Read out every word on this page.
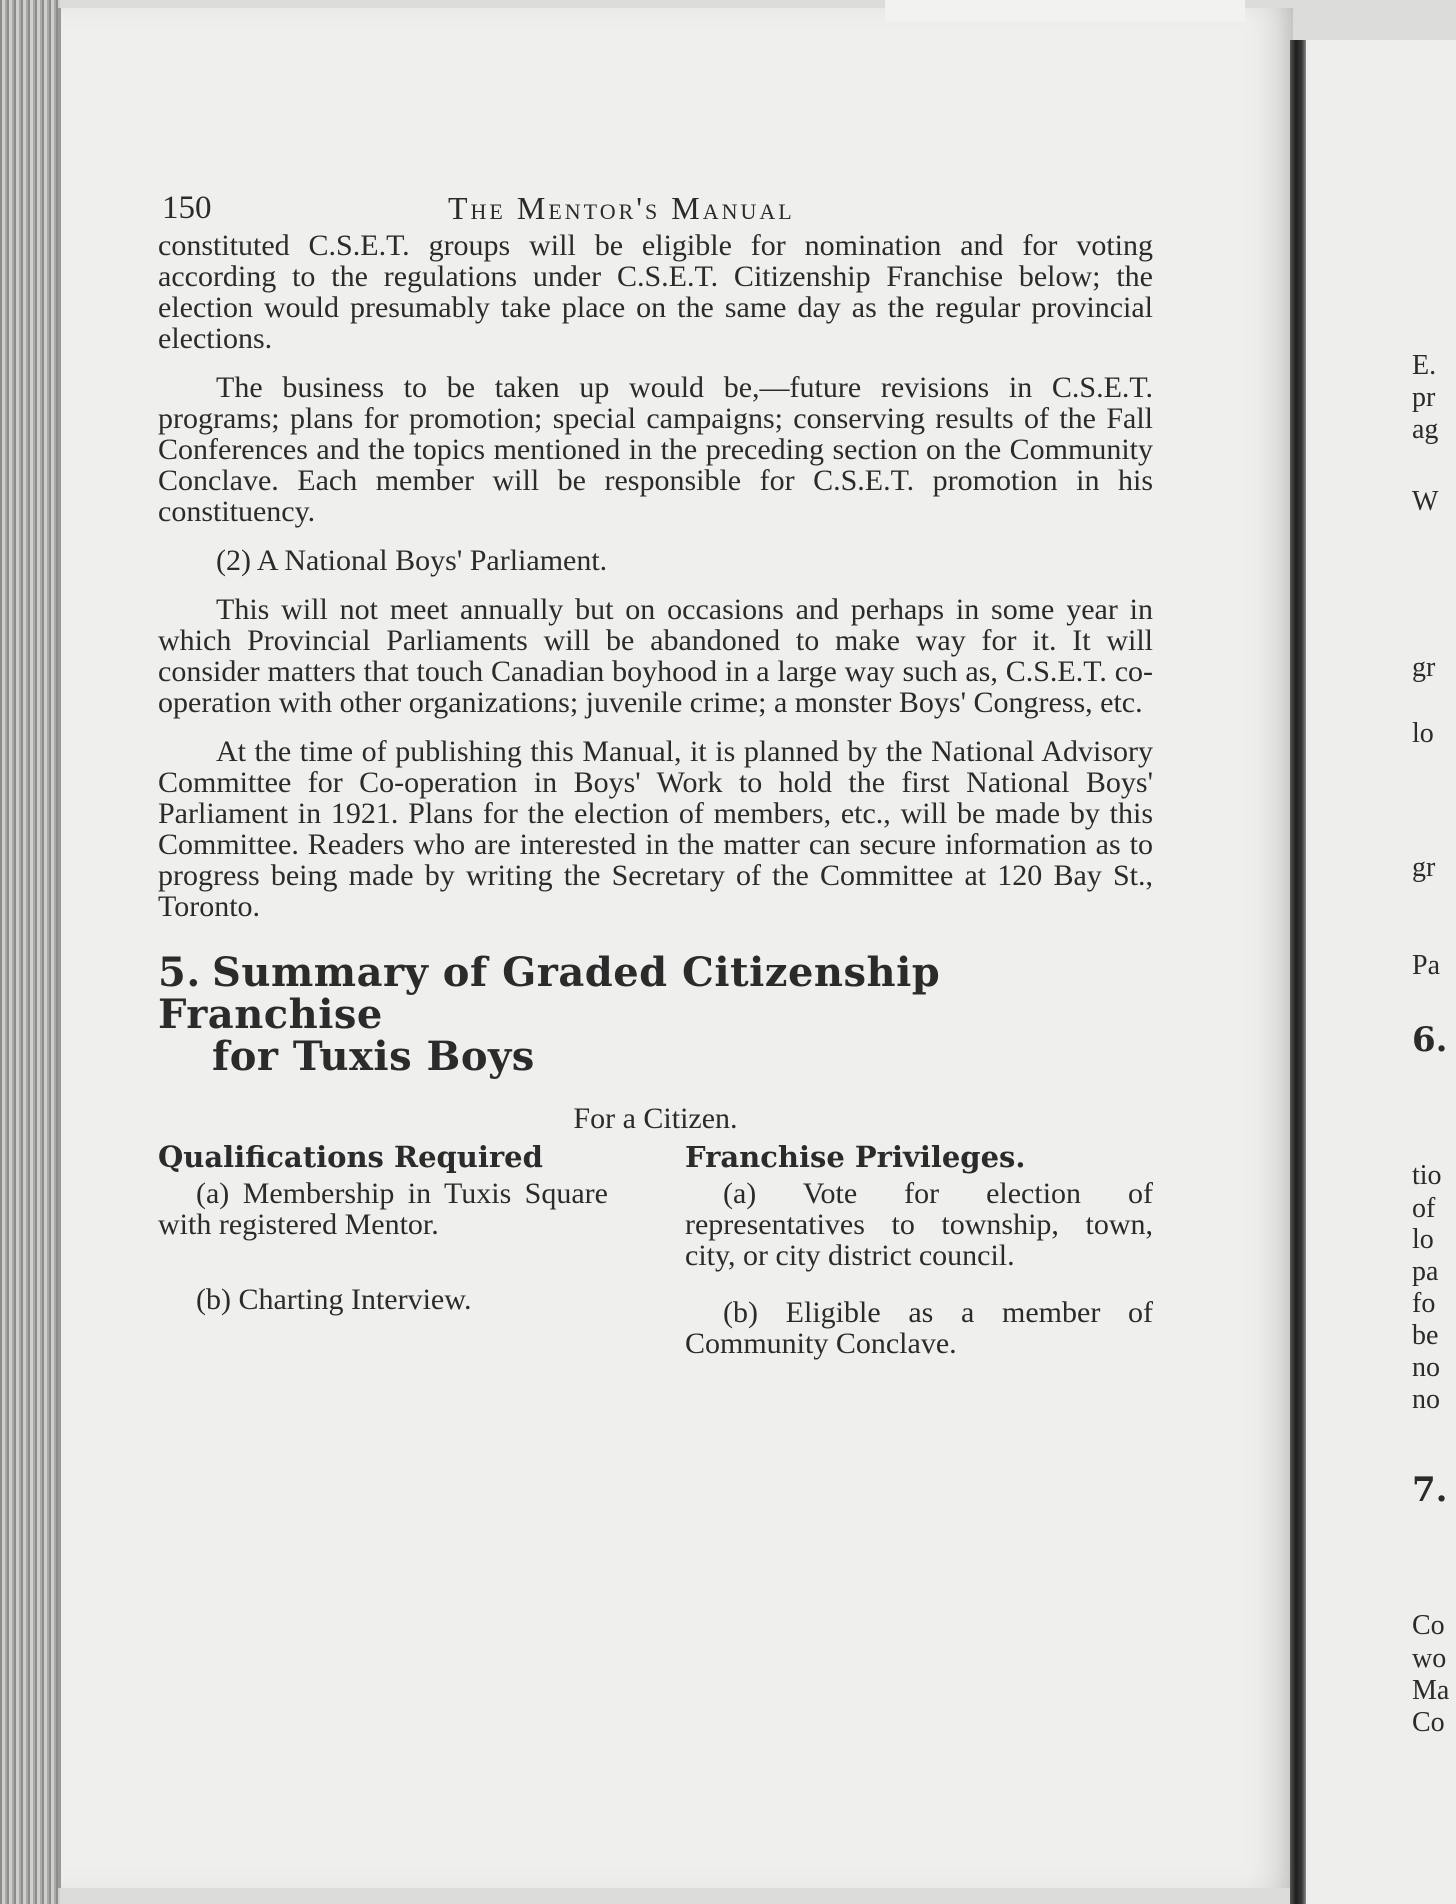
150	The Mentor's Manual

constituted C.S.E.T. groups will be eligible for nomination and for voting according to the regulations under C.S.E.T. Citizenship Franchise below; the election would presumably take place on the same day as the regular provincial elections.

The business to be taken up would be,—future revisions in C.S.E.T. programs; plans for promotion; special campaigns; conserving results of the Fall Conferences and the topics mentioned in the preceding section on the Community Conclave. Each member will be responsible for C.S.E.T. promotion in his constituency.

(2) A National Boys' Parliament.

This will not meet annually but on occasions and perhaps in some year in which Provincial Parliaments will be abandoned to make way for it. It will consider matters that touch Canadian boyhood in a large way such as, C.S.E.T. co-operation with other organizations; juvenile crime; a monster Boys' Congress, etc.

At the time of publishing this Manual, it is planned by the National Advisory Committee for Co-operation in Boys' Work to hold the first National Boys' Parliament in 1921. Plans for the election of members, etc., will be made by this Committee. Readers who are interested in the matter can secure information as to progress being made by writing the Secretary of the Committee at 120 Bay St., Toronto.

5. Summary of Graded Citizenship Franchise
for Tuxis Boys
For a Citizen.
Qualifications Required

(a) Membership in Tuxis Square with registered Mentor.

(b) Charting Interview.

Franchise Privileges.

(a) Vote for election of representatives to township, town, city, or city district council.

(b) Eligible as a member of Community Conclave.

E.
pr
ag
W
gr
lo
gr
Pa
6.
tio
of
lo
pa
fo
be
no
no
7.
Co
wo
Ma
Co
